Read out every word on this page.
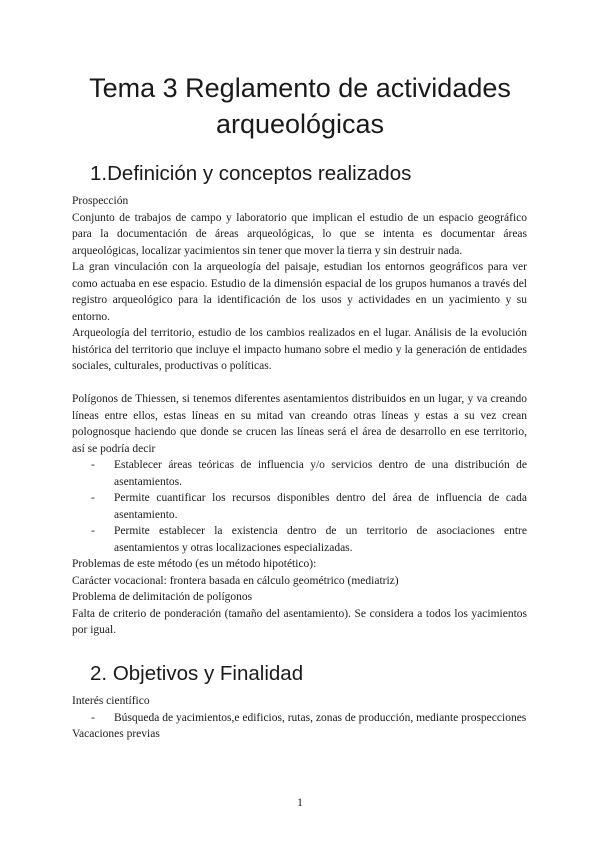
Tema 3 Reglamento de actividades
arqueológicas
1.Definición y conceptos realizados
Prospección

Conjunto de trabajos de campo y laboratorio que implican el estudio de un espacio geográfico para la documentación de áreas arqueológicas, lo que se intenta es documentar áreas arqueológicas, localizar yacimientos sin tener que mover la tierra y sin destruir nada.

La gran vinculación con la arqueología del paisaje, estudian los entornos geográficos para ver como actuaba en ese espacio. Estudio de la dimensión espacial de los grupos humanos a través del registro arqueológico para la identificación de los usos y actividades en un yacimiento y su entorno.

Arqueología del territorio, estudio de los cambios realizados en el lugar. Análisis de la evolución histórica del territorio que incluye el impacto humano sobre el medio y la generación de entidades sociales, culturales, productivas o políticas.

Polígonos de Thiessen, si tenemos diferentes asentamientos distribuidos en un lugar, y va creando líneas entre ellos, estas líneas en su mitad van creando otras líneas y estas a su vez crean polognosque haciendo que donde se crucen las líneas será el área de desarrollo en ese territorio, así se podría decir

- Establecer áreas teóricas de influencia y/o servicios dentro de una distribución de asentamientos.
- Permite cuantificar los recursos disponibles dentro del área de influencia de cada asentamiento.
- Permite establecer la existencia dentro de un territorio de asociaciones entre asentamientos y otras localizaciones especializadas.
Problemas de este método (es un método hipotético):
Carácter vocacional: frontera basada en cálculo geométrico (mediatriz)
Problema de delimitación de polígonos

Falta de criterio de ponderación (tamaño del asentamiento). Se considera a todos los yacimientos por igual.

2. Objetivos y Finalidad
Interés científico
- Búsqueda de yacimientos,e edificios, rutas, zonas de producción, mediante prospecciones
Vacaciones previas
1
